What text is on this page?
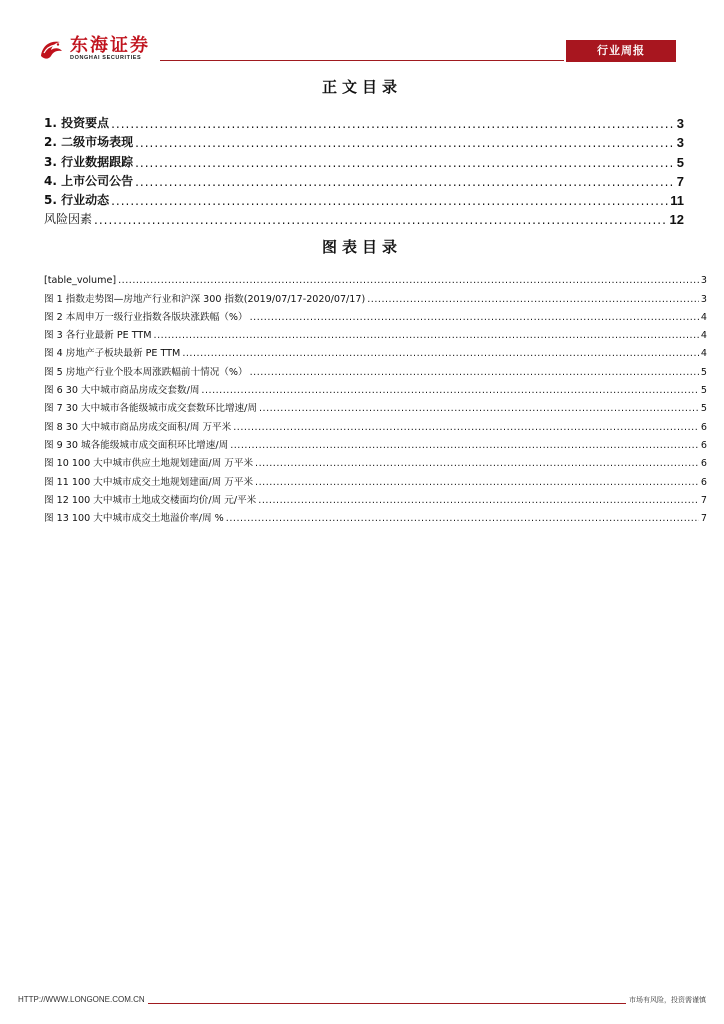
东海证券
DONGHAI SECURITIES
行业周报
正文目录
1. 投资要点 .....	3
2. 二级市场表现 .....	3
3. 行业数据跟踪 .....	5
4. 上市公司公告 .....	7
5. 行业动态 .....	11
风险因素 .....	12
图表目录
[table_volume] .....	3
图 1 指数走势图—房地产行业和沪深 300 指数(2019/07/17-2020/07/17) .....	3
图 2 本周申万一级行业指数各版块涨跌幅（%） .....	4
图 3 各行业最新 PE TTM .....	4
图 4 房地产子板块最新 PE TTM .....	4
图 5 房地产行业个股本周涨跌幅前十情况（%） .....	5
图 6 30 大中城市商品房成交套数/周 .....	5
图 7 30 大中城市各能级城市成交套数环比增速/周 .....	5
图 8 30 大中城市商品房成交面积/周 万平米 .....	6
图 9 30 城各能级城市成交面积环比增速/周 .....	6
图 10 100 大中城市供应土地规划建面/周 万平米 .....	6
图 11 100 大中城市成交土地规划建面/周 万平米 .....	6
图 12 100 大中城市土地成交楼面均价/周 元/平米 .....	7
图 13 100 大中城市成交土地溢价率/周 % .....	7
HTTP://WWW.LONGONE.COM.CN	市场有风险，投资需谨慎
